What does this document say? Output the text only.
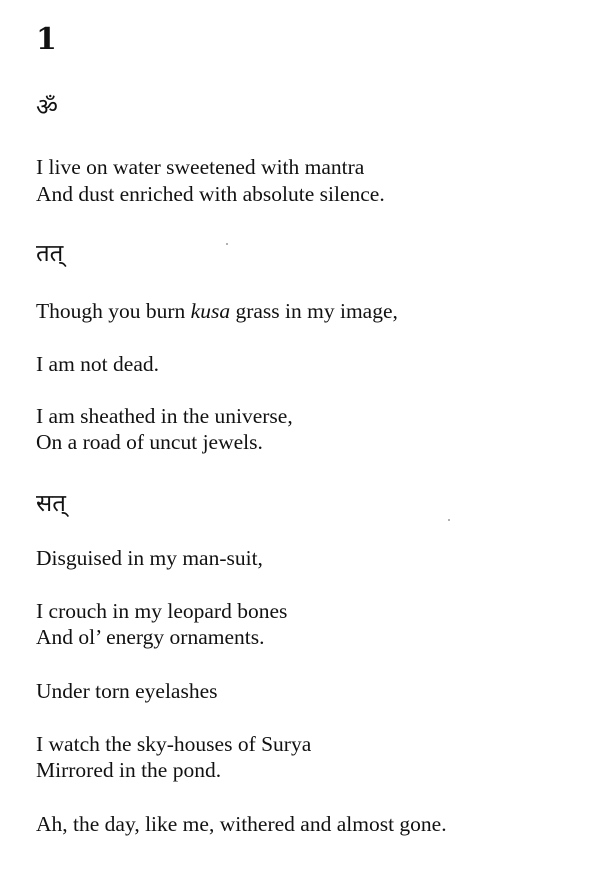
1
ॐ
I live on water sweetened with mantra
And dust enriched with absolute silence.
तत्
Though you burn kusa grass in my image,
I am not dead.
I am sheathed in the universe,
On a road of uncut jewels.
सत्
Disguised in my man-suit,
I crouch in my leopard bones
And ol’ energy ornaments.
Under torn eyelashes
I watch the sky-houses of Surya
Mirrored in the pond.
Ah, the day, like me, withered and almost gone.
